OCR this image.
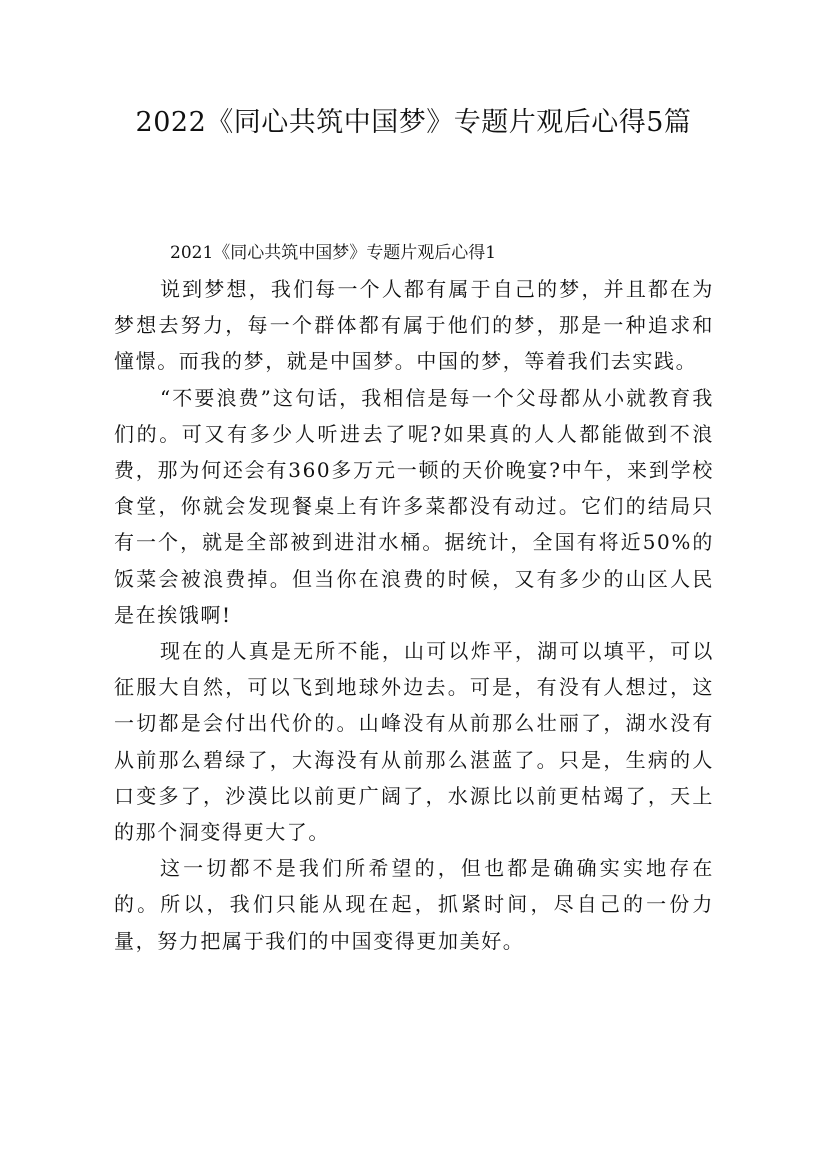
2022《同心共筑中国梦》专题片观后心得5篇

2021《同心共筑中国梦》专题片观后心得1

说到梦想，我们每一个人都有属于自己的梦，并且都在为梦想去努力，每一个群体都有属于他们的梦，那是一种追求和憧憬。而我的梦，就是中国梦。中国的梦，等着我们去实践。

“不要浪费”这句话，我相信是每一个父母都从小就教育我们的。可又有多少人听进去了呢?如果真的人人都能做到不浪费，那为何还会有360多万元一顿的天价晚宴?中午，来到学校食堂，你就会发现餐桌上有许多菜都没有动过。它们的结局只有一个，就是全部被到进泔水桶。据统计，全国有将近50%的饭菜会被浪费掉。但当你在浪费的时候，又有多少的山区人民是在挨饿啊!

现在的人真是无所不能，山可以炸平，湖可以填平，可以征服大自然，可以飞到地球外边去。可是，有没有人想过，这一切都是会付出代价的。山峰没有从前那么壮丽了，湖水没有从前那么碧绿了，大海没有从前那么湛蓝了。只是，生病的人口变多了，沙漠比以前更广阔了，水源比以前更枯竭了，天上的那个洞变得更大了。

这一切都不是我们所希望的，但也都是确确实实地存在的。所以，我们只能从现在起，抓紧时间，尽自己的一份力量，努力把属于我们的中国变得更加美好。
